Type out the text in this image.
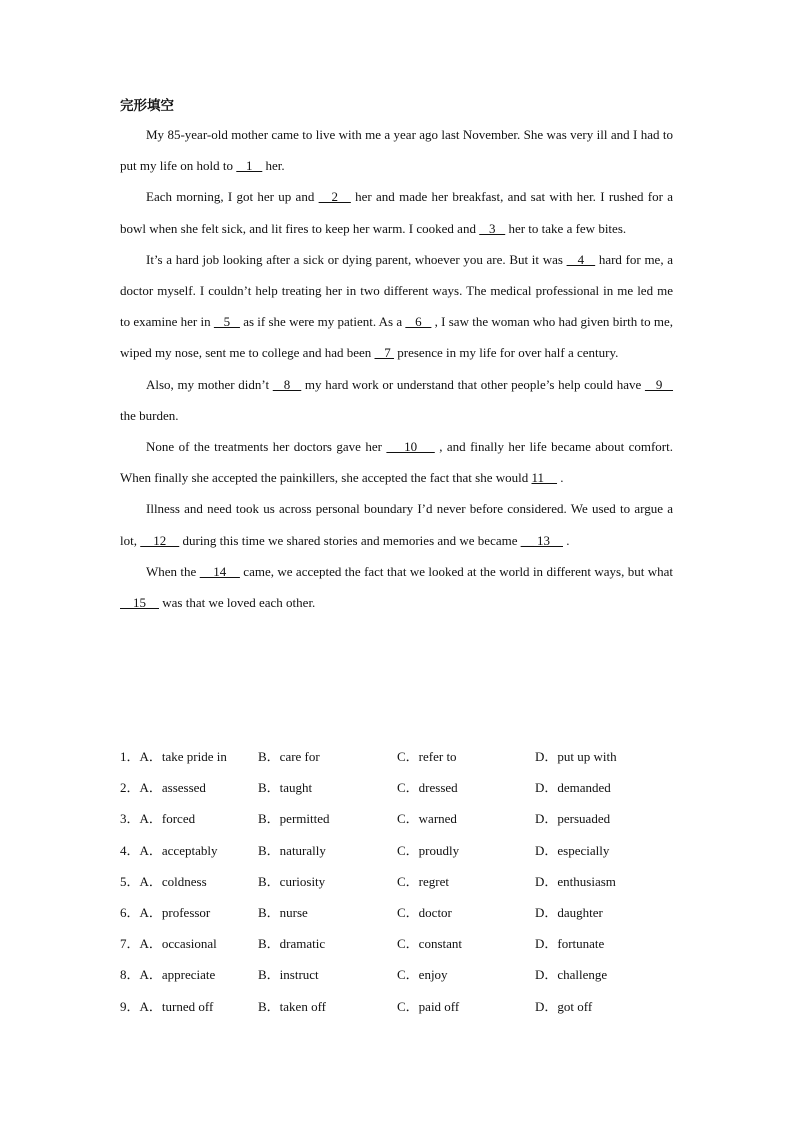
完形填空

My 85-year-old mother came to live with me a year ago last November. She was very ill and I had to put my life on hold to    1    her.

Each morning, I got her up and    2    her and made her breakfast, and sat with her. I rushed for a bowl when she felt sick, and lit fires to keep her warm. I cooked and    3    her to take a few bites.

It’s a hard job looking after a sick or dying parent, whoever you are. But it was    4    hard for me, a doctor myself. I couldn’t help treating her in two different ways. The medical professional in me led me to examine her in    5    as if she were my patient. As a    6    , I saw the woman who had given birth to me, wiped my nose, sent me to college and had been    7  presence in my life for over half a century.

Also, my mother didn’t    8    my hard work or understand that other people’s help could have    9    the burden.

None of the treatments her doctors gave her     10     , and finally her life became about comfort. When finally she accepted the painkillers, she accepted the fact that she would 11     .

Illness and need took us across personal boundary I’d never before considered. We used to argue a lot,     12     during this time we shared stories and memories and we became __ 13     .

When the     14     came, we accepted the fact that we looked at the world in different ways, but what     15     was that we loved each other.

1．A．take pride in B．care for	C．refer to	D．put up with
2．A．assessed	B．taught	C．dressed	D．demanded
3．A．forced	B．permitted	C．warned	D．persuaded
4．A．acceptably	B．naturally	C．proudly	D．especially
5．A．coldness	B．curiosity	C．regret	D．enthusiasm
6．A．professor	B．nurse	C．doctor	D．daughter
7．A．occasional	B．dramatic	C．constant	D．fortunate
8．A．appreciate	B．instruct	C．enjoy	D．challenge
9．A．turned off	B．taken off	C．paid off	D．got off
